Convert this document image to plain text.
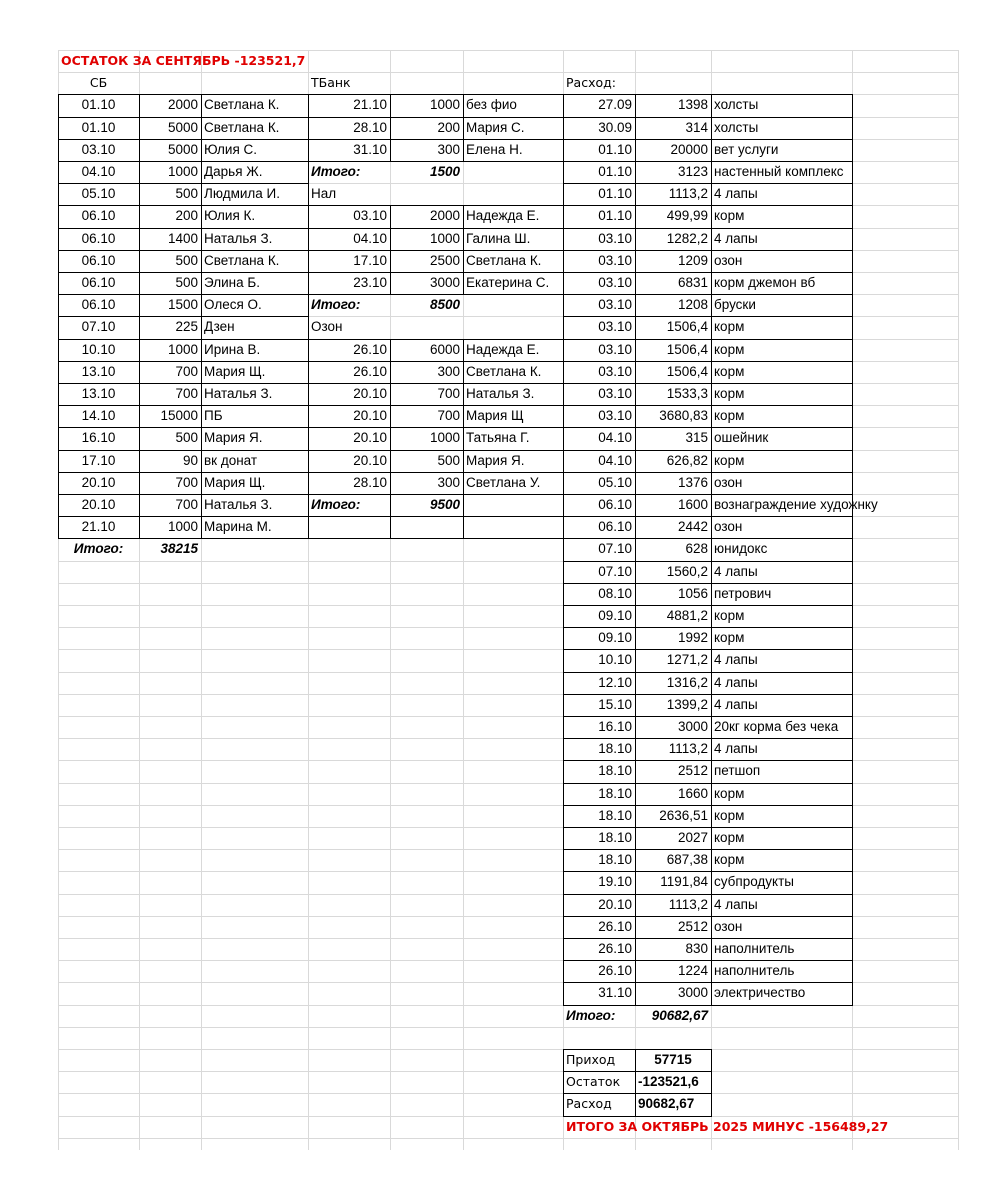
ОСТАТОК ЗА СЕНТЯБРЬ -123521,7
СБ	ТБанк	Расход:
01.10	2000 Светлана К.
01.10	5000 Светлана К.
03.10	5000 Юлия С.
04.10	1000 Дарья Ж.
05.10	500 Людмила И.
06.10	200 Юлия К.
06.10	1400 Наталья З.
06.10	500 Светлана К.
06.10	500 Элина Б.
06.10	1500 Олеся О.
07.10	225 Дзен
10.10	1000 Ирина В.
13.10	700 Мария Щ.
13.10	700 Наталья З.
14.10	15000 ПБ
16.10	500 Мария Я.
17.10	90 вк донат
20.10	700 Мария Щ.
20.10	700 Наталья З.
21.10	1000 Марина М.
Итого:	38215
21.10	1000 без фио
28.10	200 Мария С.
31.10	300 Елена Н.
Итого:	1500
Нал
03.10	2000 Надежда Е.
04.10	1000 Галина Ш.
17.10	2500 Светлана К.
23.10	3000 Екатерина С.
Итого:	8500
Озон
26.10	6000 Надежда Е.
26.10	300 Светлана К.
20.10	700 Наталья З.
20.10	700 Мария Щ
20.10	1000 Татьяна Г.
20.10	500 Мария Я.
28.10	300 Светлана У.
Итого:	9500
27.09	1398 холсты
30.09	314 холсты
01.10	20000 вет услуги
01.10	3123 настенный комплекс
01.10	1113,2 4 лапы
01.10	499,99 корм
03.10	1282,2 4 лапы
03.10	1209 озон
03.10	6831 корм джемон вб
03.10	1208 бруски
03.10	1506,4 корм
03.10	1506,4 корм
03.10	1506,4 корм
03.10	1533,3 корм
03.10	3680,83 корм
04.10	315 ошейник
04.10	626,82 корм
05.10	1376 озон
06.10	1600 вознаграждение художнку
06.10	2442 озон
07.10	628 юнидокс
07.10	1560,2 4 лапы
08.10	1056 петрович
09.10	4881,2 корм
09.10	1992 корм
10.10	1271,2 4 лапы
12.10	1316,2 4 лапы
15.10	1399,2 4 лапы
16.10	3000 20кг корма без чека
18.10	1113,2 4 лапы
18.10	2512 петшоп
18.10	1660 корм
18.10	2636,51 корм
18.10	2027 корм
18.10	687,38 корм
19.10	1191,84 субпродукты
20.10	1113,2 4 лапы
26.10	2512 озон
26.10	830 наполнитель
26.10	1224 наполнитель
31.10	3000 электричество
Итого:	90682,67
Приход	57715
Остаток	-123521,6
Расход	90682,67
ИТОГО ЗА ОКТЯБРЬ 2025 МИНУС -156489,27
